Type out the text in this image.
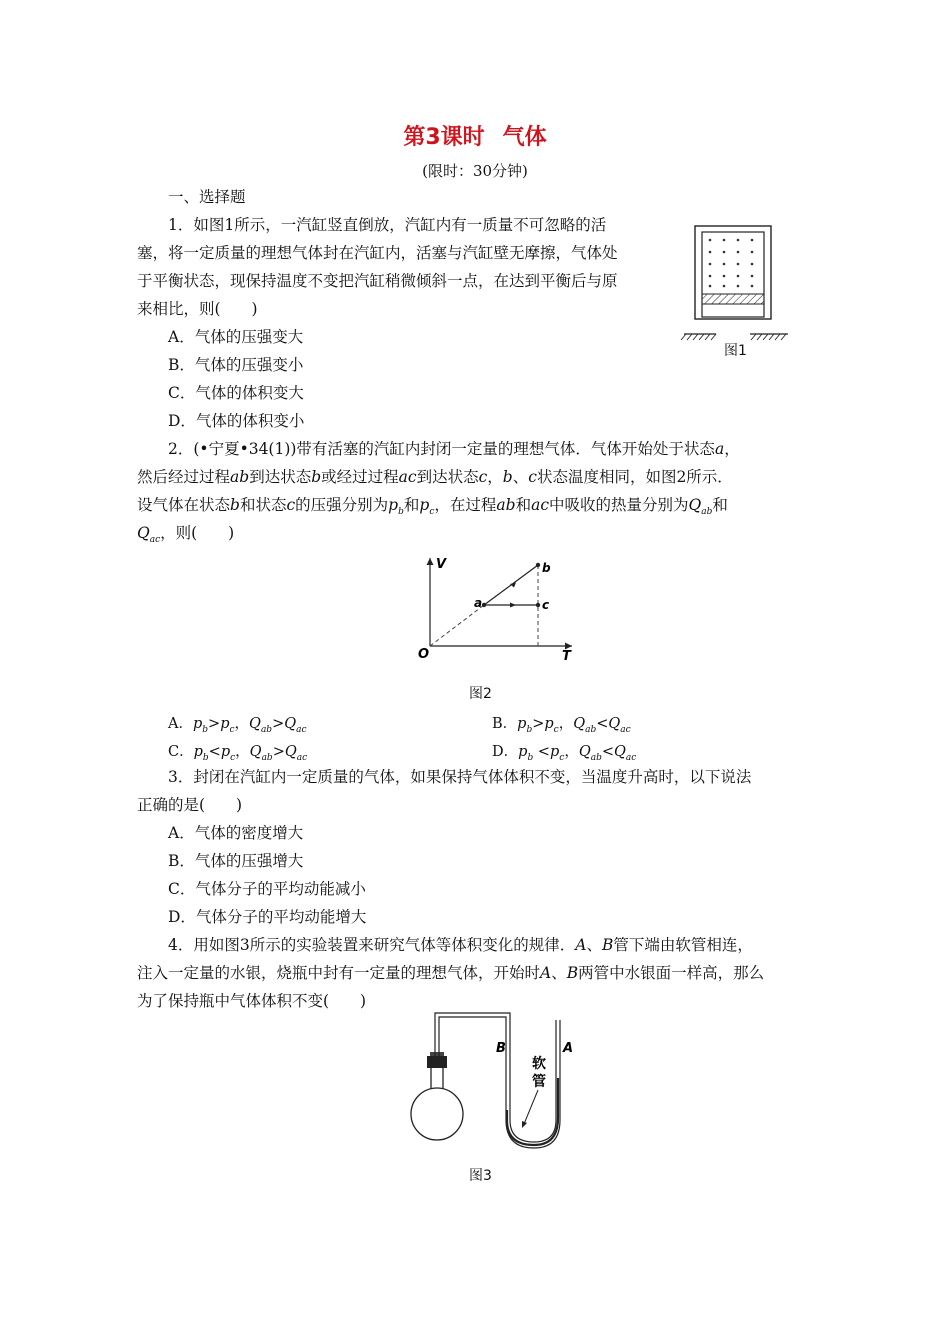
第3课时 气体
(限时：30分钟)
一、选择题
1．如图1所示，一汽缸竖直倒放，汽缸内有一质量不可忽略的活
塞，将一定质量的理想气体封在汽缸内，活塞与汽缸壁无摩擦，气体处
于平衡状态，现保持温度不变把汽缸稍微倾斜一点，在达到平衡后与原
来相比，则(　　)
A．气体的压强变大
B．气体的压强变小
C．气体的体积变大
D．气体的体积变小
图1
2．(•宁夏•34(1))带有活塞的汽缸内封闭一定量的理想气体．气体开始处于状态a，
然后经过过程ab到达状态b或经过过程ac到达状态c，b、c状态温度相同，如图2所示．
设气体在状态b和状态c的压强分别为$p_b$和$p_c$，在过程ab和ac中吸收的热量分别为$Q_{ab}$和
$Q_{ac}$，则(　　)
V
T
O
a
b
c
图2
A．$p_b>p_c$，$Q_{ab}>Q_{ac}$	B．$p_b>p_c$，$Q_{ab}<Q_{ac}$
C．$p_b<p_c$，$Q_{ab}>Q_{ac}$	D．$p_b <p_c$，$Q_{ab}<Q_{ac}$
3．封闭在汽缸内一定质量的气体，如果保持气体体积不变，当温度升高时，以下说法
正确的是(　　)
A．气体的密度增大
B．气体的压强增大
C．气体分子的平均动能减小
D．气体分子的平均动能增大
4．用如图3所示的实验装置来研究气体等体积变化的规律．A、B管下端由软管相连，
注入一定量的水银，烧瓶中封有一定量的理想气体，开始时A、B两管中水银面一样高，那么
为了保持瓶中气体体积不变(　　)
B	A
软
管
图3
